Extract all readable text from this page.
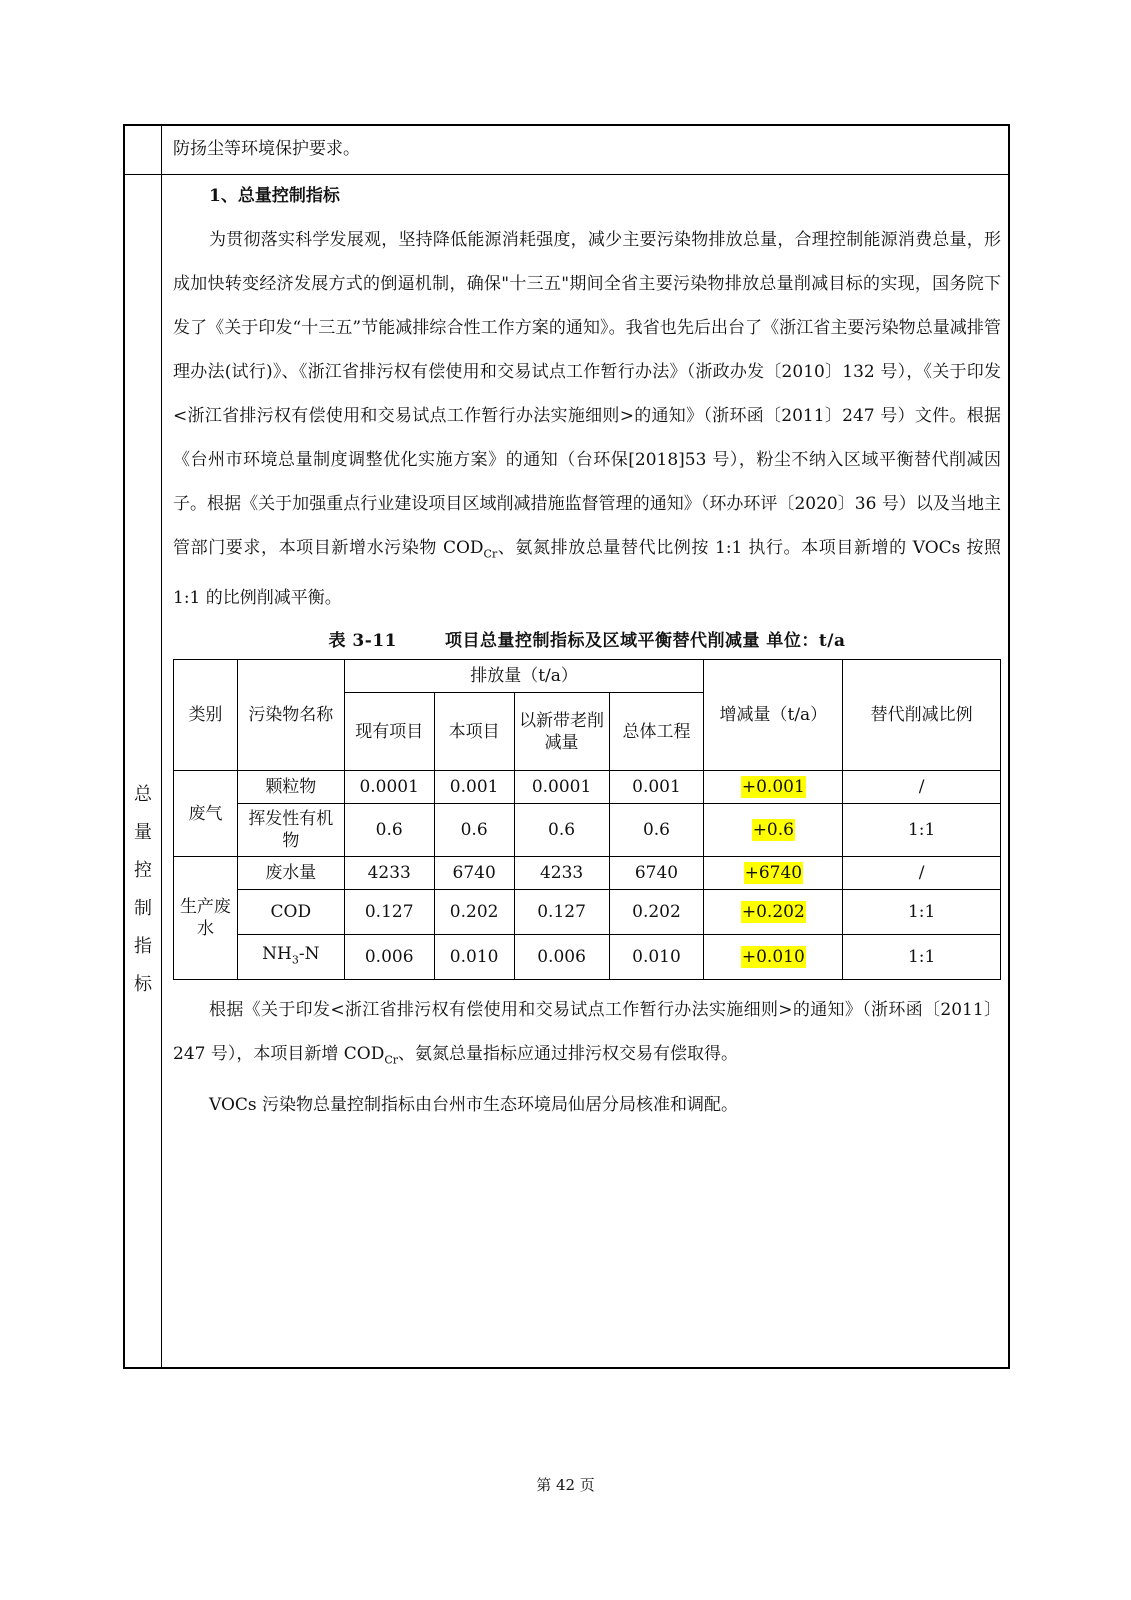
防扬尘等环境保护要求。
总
量
控
制
指
标
1、总量控制指标

为贯彻落实科学发展观，坚持降低能源消耗强度，减少主要污染物排放总量，合理控制能源消费总量，形成加快转变经济发展方式的倒逼机制，确保"十三五"期间全省主要污染物排放总量削减目标的实现，国务院下发了《关于印发“十三五”节能减排综合性工作方案的通知》。我省也先后出台了《浙江省主要污染物总量减排管理办法(试行)》、《浙江省排污权有偿使用和交易试点工作暂行办法》（浙政办发〔2010〕132 号），《关于印发<浙江省排污权有偿使用和交易试点工作暂行办法实施细则>的通知》（浙环函〔2011〕247 号）文件。根据《台州市环境总量制度调整优化实施方案》的通知（台环保[2018]53 号），粉尘不纳入区域平衡替代削减因子。根据《关于加强重点行业建设项目区域削减措施监督管理的通知》（环办环评〔2020〕36 号）以及当地主管部门要求，本项目新增水污染物 $COD_{Cr}$、氨氮排放总量替代比例按 1:1 执行。本项目新增的 VOCs 按照 1:1 的比例削减平衡。

表 3-11	项目总量控制指标及区域平衡替代削减量 单位：t/a
类别	污染物名称	排放量（t/a）				增减量（t/a）	替代削减比例
		现有项目	本项目	以新带老削减量	总体工程		
废气	颗粒物	0.0001	0.001	0.0001	0.001	+0.001	/
	挥发性有机物	0.6	0.6	0.6	0.6	+0.6	1:1
生产废水	废水量	4233	6740	4233	6740	+6740	/
	COD	0.127	0.202	0.127	0.202	+0.202	1:1
	$NH_3-N$	0.006	0.010	0.006	0.010	+0.010	1:1

根据《关于印发<浙江省排污权有偿使用和交易试点工作暂行办法实施细则>的通知》（浙环函〔2011〕247 号），本项目新增 $COD_{Cr}$、氨氮总量指标应通过排污权交易有偿取得。

VOCs 污染物总量控制指标由台州市生态环境局仙居分局核准和调配。

第 42 页
